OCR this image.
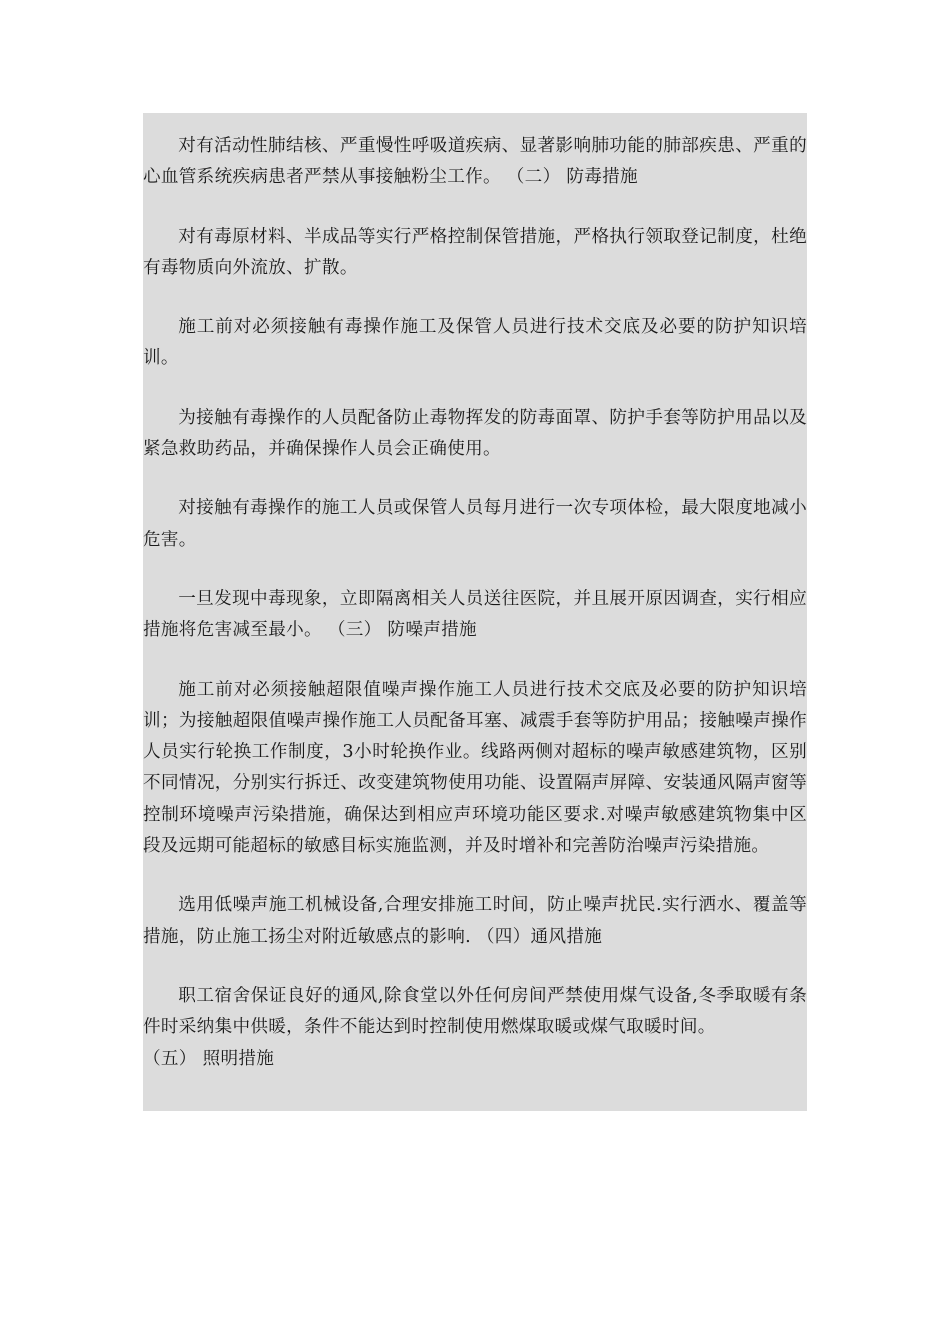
对有活动性肺结核、严重慢性呼吸道疾病、显著影响肺功能的肺部疾患、严重的心血管系统疾病患者严禁从事接触粉尘工作。 （二） 防毒措施

对有毒原材料、半成品等实行严格控制保管措施，严格执行领取登记制度，杜绝有毒物质向外流放、扩散。

施工前对必须接触有毒操作施工及保管人员进行技术交底及必要的防护知识培训。

为接触有毒操作的人员配备防止毒物挥发的防毒面罩、防护手套等防护用品以及紧急救助药品，并确保操作人员会正确使用。

对接触有毒操作的施工人员或保管人员每月进行一次专项体检，最大限度地减小危害。

一旦发现中毒现象，立即隔离相关人员送往医院，并且展开原因调查，实行相应措施将危害减至最小。 （三） 防噪声措施

施工前对必须接触超限值噪声操作施工人员进行技术交底及必要的防护知识培训；为接触超限值噪声操作施工人员配备耳塞、减震手套等防护用品；接触噪声操作人员实行轮换工作制度，3小时轮换作业。线路两侧对超标的噪声敏感建筑物，区别不同情况，分别实行拆迁、改变建筑物使用功能、设置隔声屏障、安装通风隔声窗等控制环境噪声污染措施，确保达到相应声环境功能区要求.对噪声敏感建筑物集中区段及远期可能超标的敏感目标实施监测，并及时增补和完善防治噪声污染措施。

选用低噪声施工机械设备,合理安排施工时间，防止噪声扰民.实行洒水、覆盖等措施，防止施工扬尘对附近敏感点的影响. （四）通风措施

职工宿舍保证良好的通风,除食堂以外任何房间严禁使用煤气设备,冬季取暖有条件时采纳集中供暖，条件不能达到时控制使用燃煤取暖或煤气取暖时间。
（五） 照明措施
